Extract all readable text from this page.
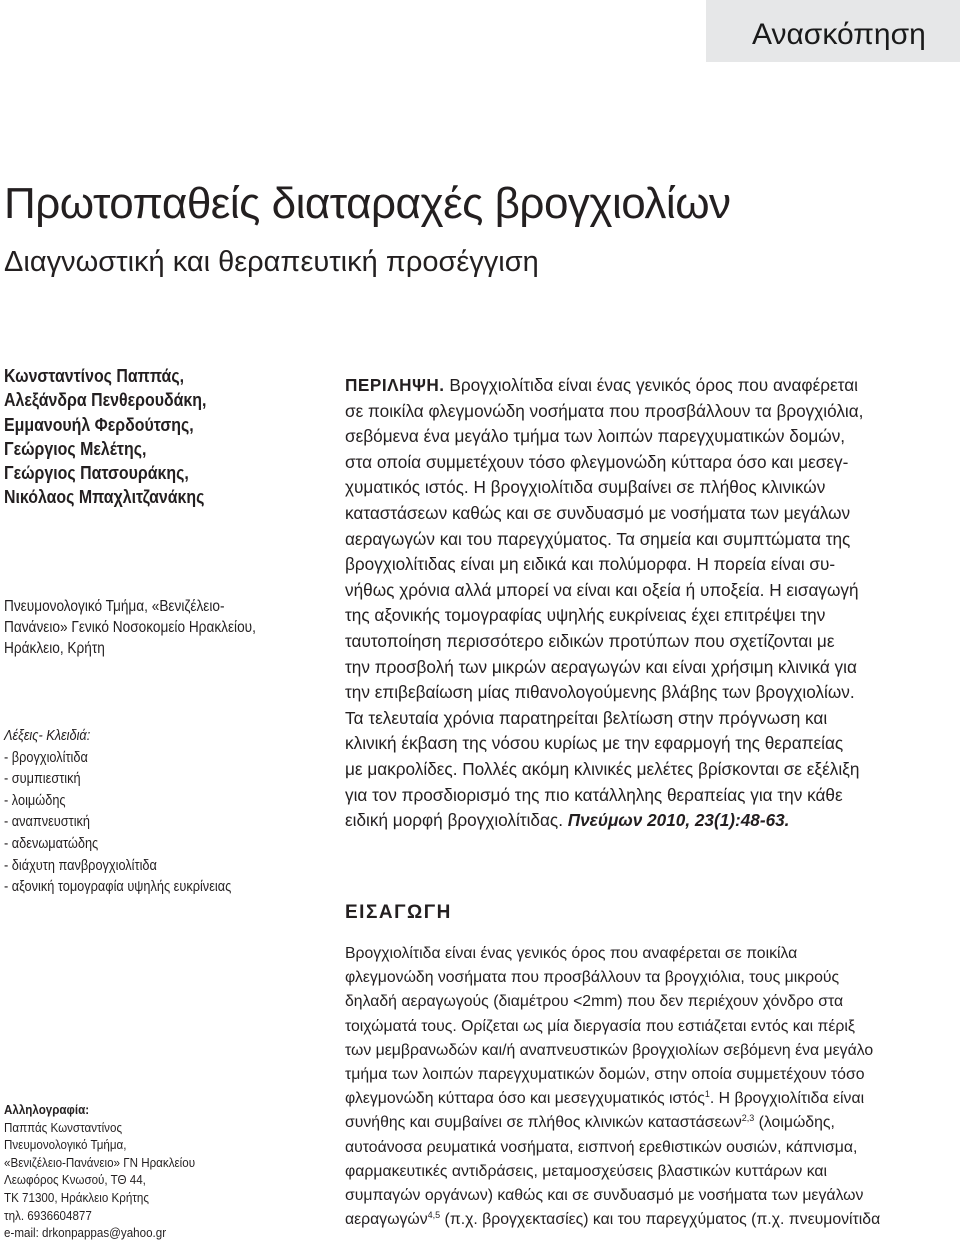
Ανασκόπηση
Πρωτοπαθείς διαταραχές βρογχιολίων
Διαγνωστική και θεραπευτική προσέγγιση
Κωνσταντίνος Παππάς,
Αλεξάνδρα Πενθερουδάκη,
Εμμανουήλ Φερδούτσης,
Γεώργιος Μελέτης,
Γεώργιος Πατσουράκης,
Νικόλαος Μπαχλιτζανάκης
Πνευμονολογικό Τμήμα, «Βενιζέλειο-
Πανάνειο» Γενικό Νοσοκομείο Ηρακλείου,
Ηράκλειο, Κρήτη
Λέξεις- Κλειδιά:
- βρογχιολίτιδα
- συμπιεστική
- λοιμώδης
- αναπνευστική
- αδενωματώδης
- διάχυτη πανβρογχιολίτιδα
- αξονική τομογραφία υψηλής ευκρίνειας
Αλληλογραφία:
Παππάς Κωνσταντίνος
Πνευμονολογικό Τμήμα,
«Βενιζέλειο-Πανάνειο» ΓΝ Ηρακλείου
Λεωφόρος Κνωσού, ΤΘ 44,
ΤΚ 71300, Ηράκλειο Κρήτης
τηλ. 6936604877
e-mail: drkonpappas@yahoo.gr
ΠΕΡΙΛΗΨΗ. Βρογχιολίτιδα είναι ένας γενικός όρος που αναφέρεται
σε ποικίλα φλεγμονώδη νοσήματα που προσβάλλουν τα βρογχιόλια,
σεβόμενα ένα μεγάλο τμήμα των λοιπών παρεγχυματικών δομών,
στα οποία συμμετέχουν τόσο φλεγμονώδη κύτταρα όσο και μεσεγ-
χυματικός ιστός. Η βρογχιολίτιδα συμβαίνει σε πλήθος κλινικών
καταστάσεων καθώς και σε συνδυασμό με νοσήματα των μεγάλων
αεραγωγών και του παρεγχύματος. Τα σημεία και συμπτώματα της
βρογχιολίτιδας είναι μη ειδικά και πολύμορφα. Η πορεία είναι συ-
νήθως χρόνια αλλά μπορεί να είναι και οξεία ή υποξεία. Η εισαγωγή
της αξονικής τομογραφίας υψηλής ευκρίνειας έχει επιτρέψει την
ταυτοποίηση περισσότερο ειδικών προτύπων που σχετίζονται με
την προσβολή των μικρών αεραγωγών και είναι χρήσιμη κλινικά για
την επιβεβαίωση μίας πιθανολογούμενης βλάβης των βρογχιολίων.
Τα τελευταία χρόνια παρατηρείται βελτίωση στην πρόγνωση και
κλινική έκβαση της νόσου κυρίως με την εφαρμογή της θεραπείας
με μακρολίδες. Πολλές ακόμη κλινικές μελέτες βρίσκονται σε εξέλιξη
για τον προσδιορισμό της πιο κατάλληλης θεραπείας για την κάθε
ειδική μορφή βρογχιολίτιδας. Πνεύμων 2010, 23(1):48-63.
ΕΙΣΑΓΩΓΗ
Βρογχιολίτιδα είναι ένας γενικός όρος που αναφέρεται σε ποικίλα
φλεγμονώδη νοσήματα που προσβάλλουν τα βρογχιόλια, τους μικρούς
δηλαδή αεραγωγούς (διαμέτρου <2mm) που δεν περιέχουν χόνδρο στα
τοιχώματά τους. Ορίζεται ως μία διεργασία που εστιάζεται εντός και πέριξ
των μεμβρανωδών και/ή αναπνευστικών βρογχιολίων σεβόμενη ένα μεγάλο
τμήμα των λοιπών παρεγχυματικών δομών, στην οποία συμμετέχουν τόσο
φλεγμονώδη κύτταρα όσο και μεσεγχυματικός ιστός$^1$. Η βρογχιολίτιδα είναι
συνήθης και συμβαίνει σε πλήθος κλινικών καταστάσεων$^{2,3}$ (λοιμώδης,
αυτοάνοσα ρευματικά νοσήματα, εισπνοή ερεθιστικών ουσιών, κάπνισμα,
φαρμακευτικές αντιδράσεις, μεταμοσχεύσεις βλαστικών κυττάρων και
συμπαγών οργάνων) καθώς και σε συνδυασμό με νοσήματα των μεγάλων
αεραγωγών$^{4,5}$ (π.χ. βρογχεκτασίες) και του παρεγχύματος (π.χ. πνευμονίτιδα
